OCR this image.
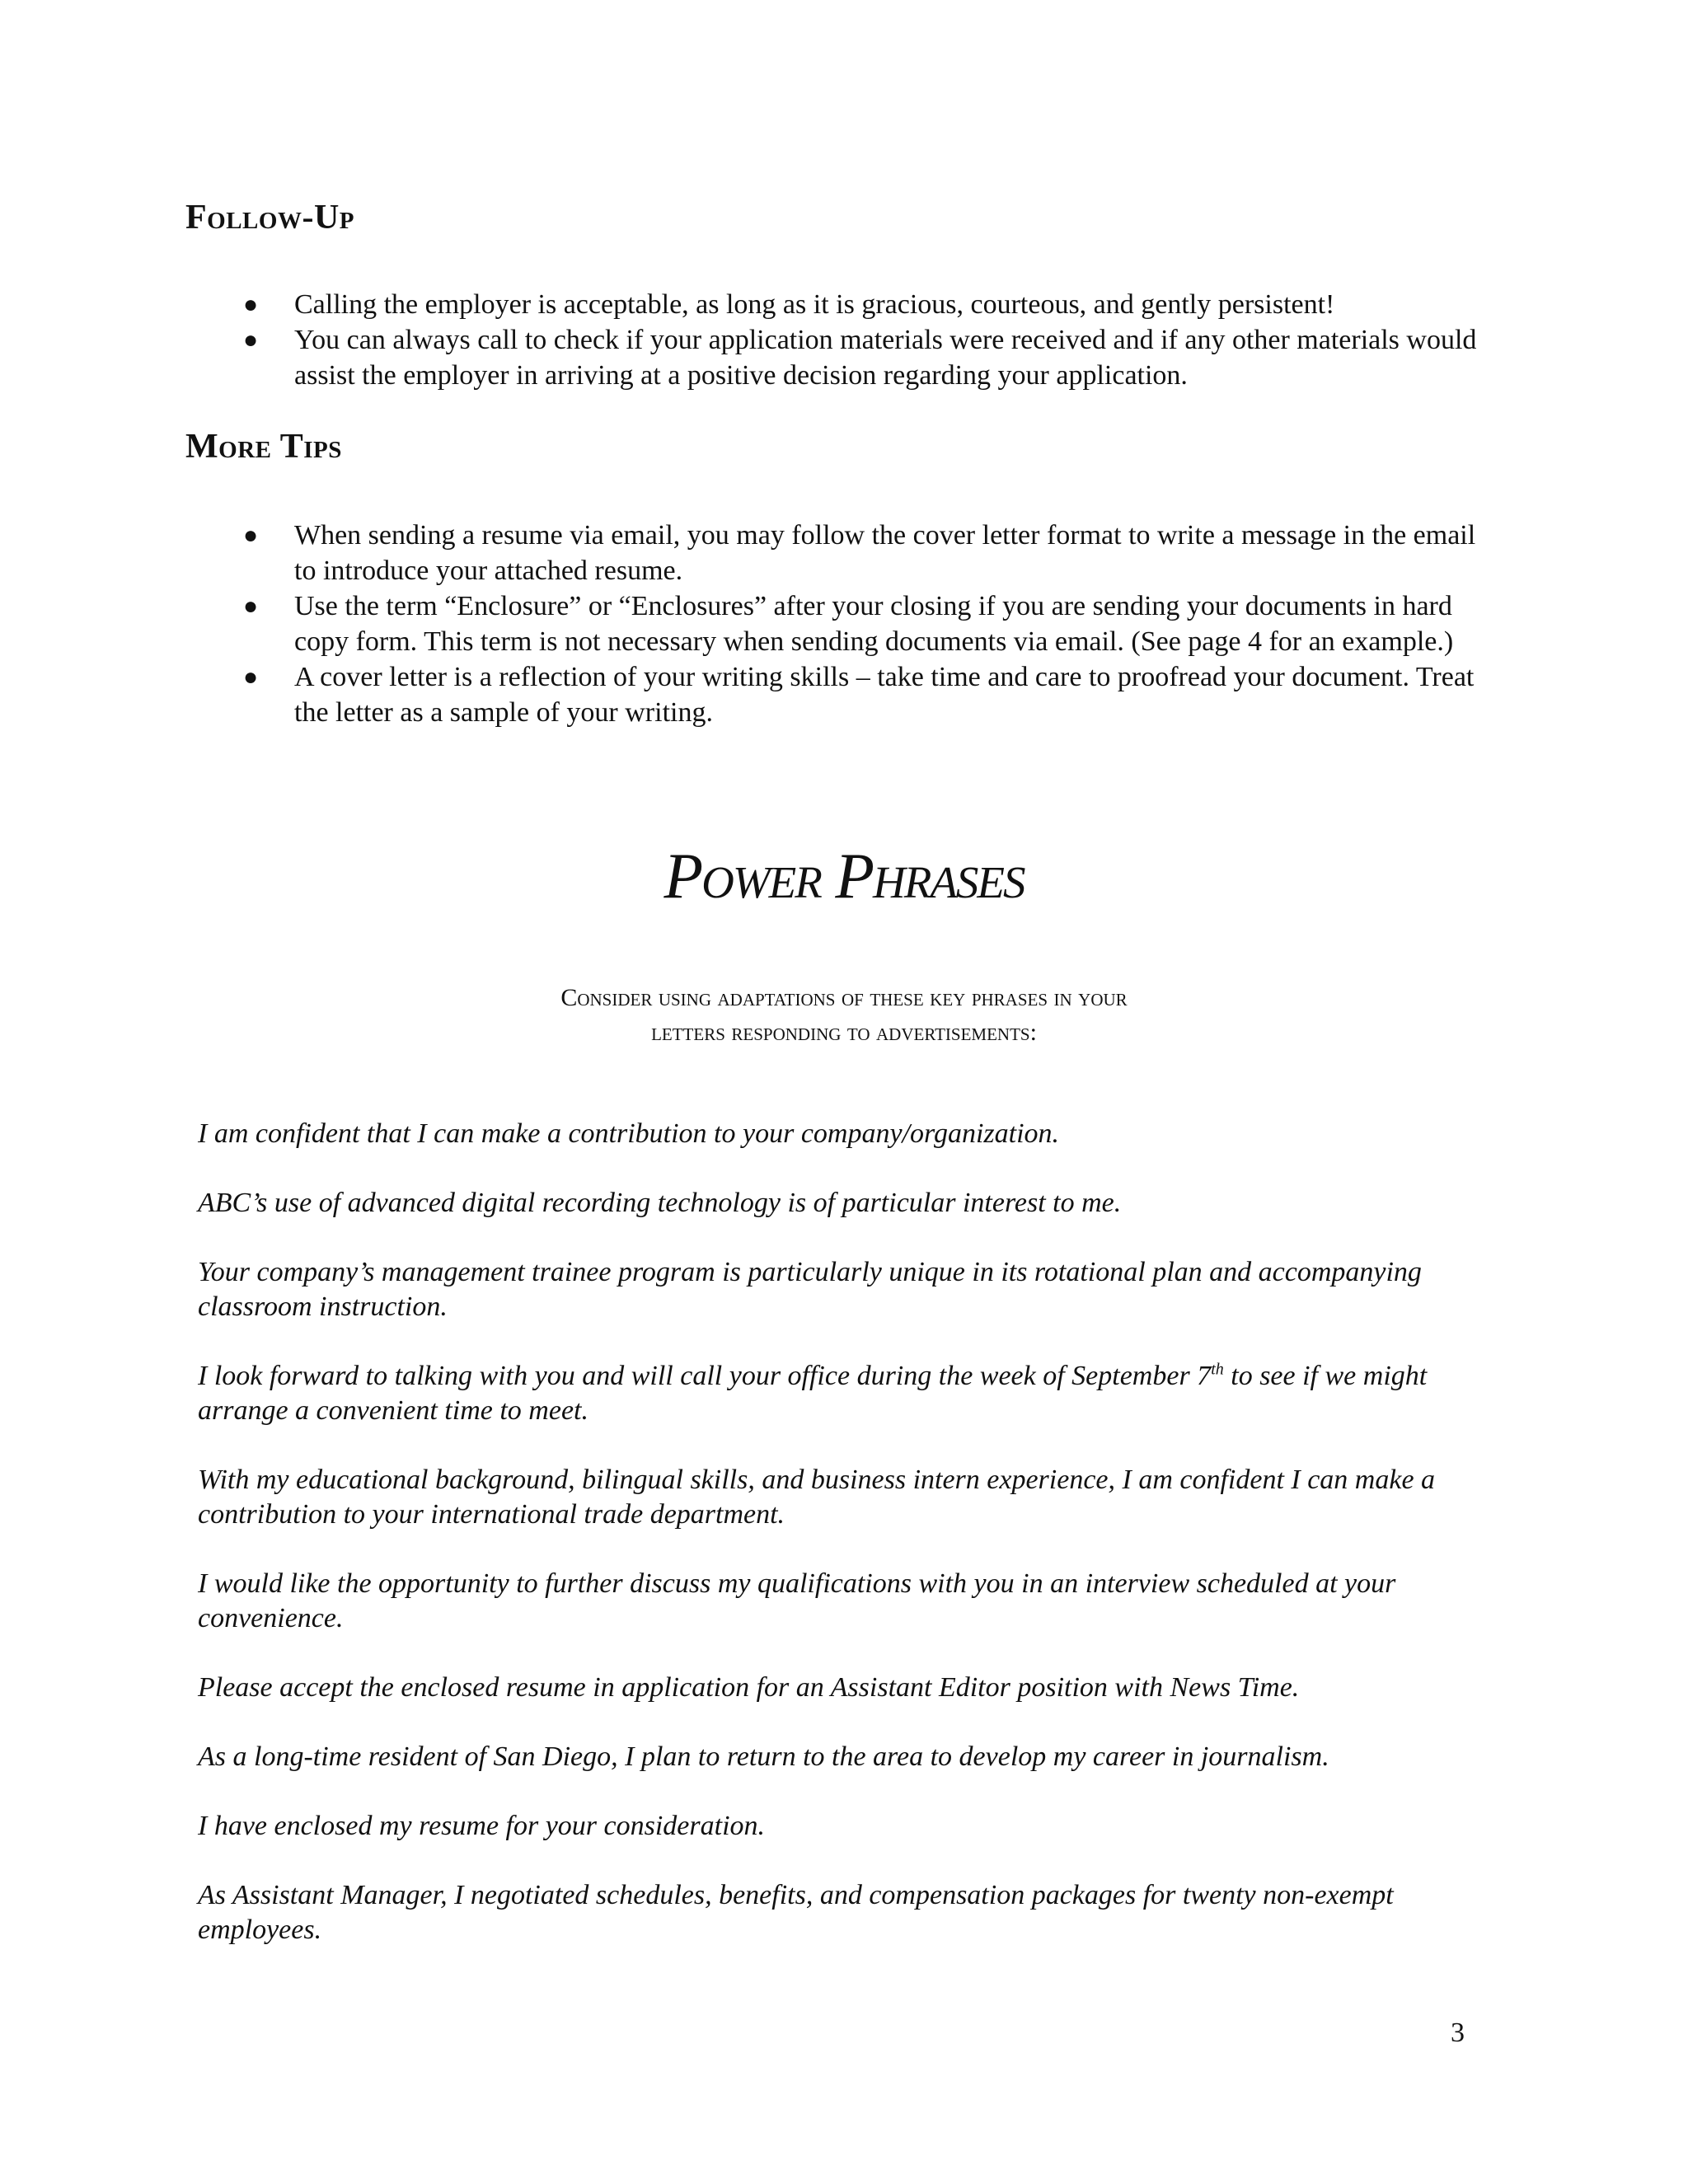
Follow-Up
● Calling the employer is acceptable, as long as it is gracious, courteous, and gently persistent!
● You can always call to check if your application materials were received and if any other materials would assist the employer in arriving at a positive decision regarding your application.
More Tips
● When sending a resume via email, you may follow the cover letter format to write a message in the email to introduce your attached resume.
● Use the term “Enclosure” or “Enclosures” after your closing if you are sending your documents in hard copy form. This term is not necessary when sending documents via email. (See page 4 for an example.)
● A cover letter is a reflection of your writing skills – take time and care to proofread your document. Treat the letter as a sample of your writing.
Power Phrases

Consider using adaptations of these key phrases in your
letters responding to advertisements:

I am confident that I can make a contribution to your company/organization.
ABC’s use of advanced digital recording technology is of particular interest to me.
Your company’s management trainee program is particularly unique in its rotational plan and accompanying classroom instruction.
I look forward to talking with you and will call your office during the week of September 7th to see if we might arrange a convenient time to meet.
With my educational background, bilingual skills, and business intern experience, I am confident I can make a contribution to your international trade department.
I would like the opportunity to further discuss my qualifications with you in an interview scheduled at your convenience.
Please accept the enclosed resume in application for an Assistant Editor position with News Time.
As a long-time resident of San Diego, I plan to return to the area to develop my career in journalism.
I have enclosed my resume for your consideration.
As Assistant Manager, I negotiated schedules, benefits, and compensation packages for twenty non-exempt employees.
3
